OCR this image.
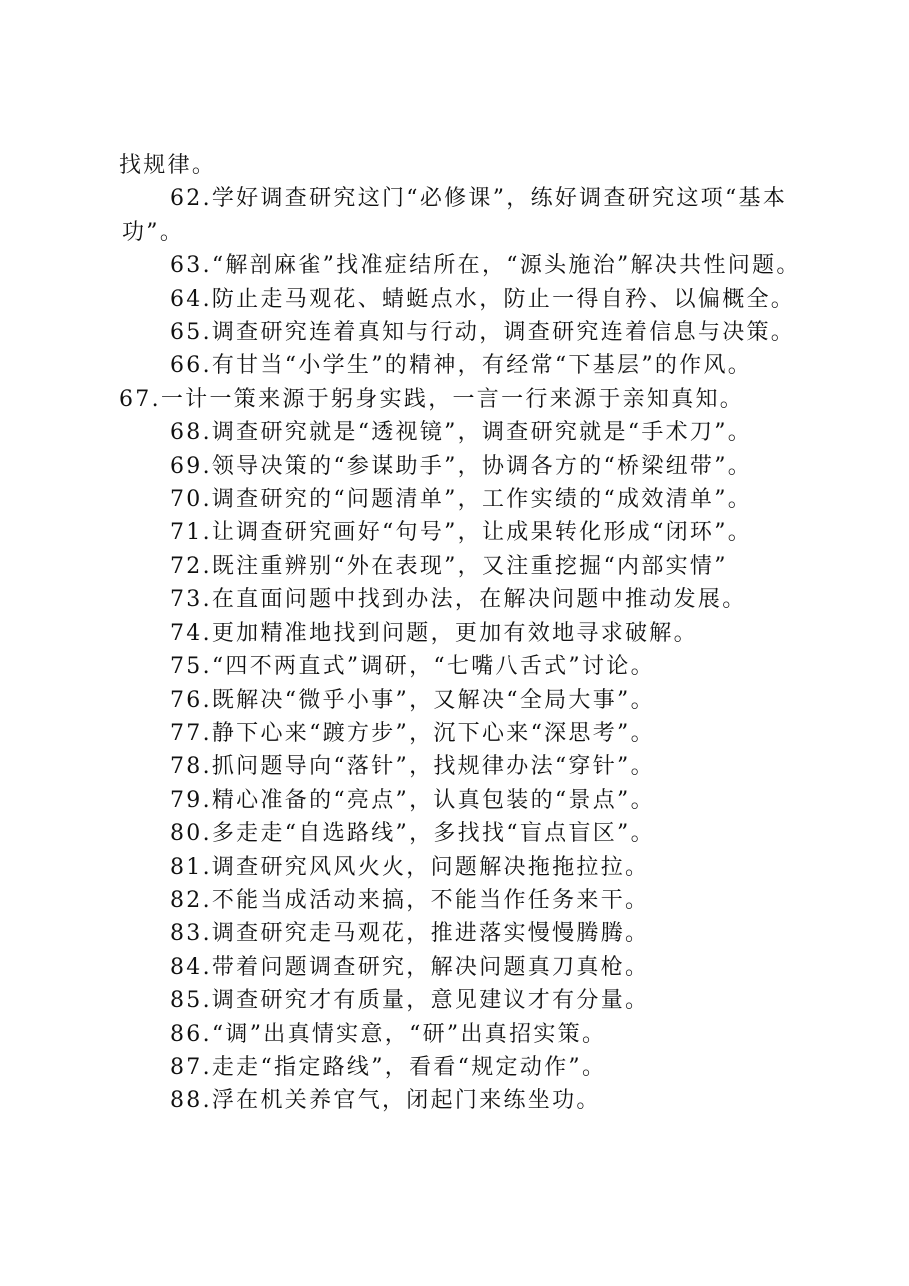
找规律。

62.学好调查研究这门“必修课”，练好调查研究这项“基本功”。

63.“解剖麻雀”找准症结所在，“源头施治”解决共性问题。

64.防止走马观花、蜻蜓点水，防止一得自矜、以偏概全。

65.调查研究连着真知与行动，调查研究连着信息与决策。

66.有甘当“小学生”的精神，有经常“下基层”的作风。

67.一计一策来源于躬身实践，一言一行来源于亲知真知。

68.调查研究就是“透视镜”，调查研究就是“手术刀”。

69.领导决策的“参谋助手”，协调各方的“桥梁纽带”。

70.调查研究的“问题清单”，工作实绩的“成效清单”。

71.让调查研究画好“句号”，让成果转化形成“闭环”。

72.既注重辨别“外在表现”，又注重挖掘“内部实情”

73.在直面问题中找到办法，在解决问题中推动发展。

74.更加精准地找到问题，更加有效地寻求破解。

75.“四不两直式”调研，“七嘴八舌式”讨论。

76.既解决“微乎小事”，又解决“全局大事”。

77.静下心来“踱方步”，沉下心来“深思考”。

78.抓问题导向“落针”，找规律办法“穿针”。

79.精心准备的“亮点”，认真包装的“景点”。

80.多走走“自选路线”，多找找“盲点盲区”。

81.调查研究风风火火，问题解决拖拖拉拉。

82.不能当成活动来搞，不能当作任务来干。

83.调查研究走马观花，推进落实慢慢腾腾。

84.带着问题调查研究，解决问题真刀真枪。

85.调查研究才有质量，意见建议才有分量。

86.“调”出真情实意，“研”出真招实策。

87.走走“指定路线”，看看“规定动作”。

88.浮在机关养官气，闭起门来练坐功。
